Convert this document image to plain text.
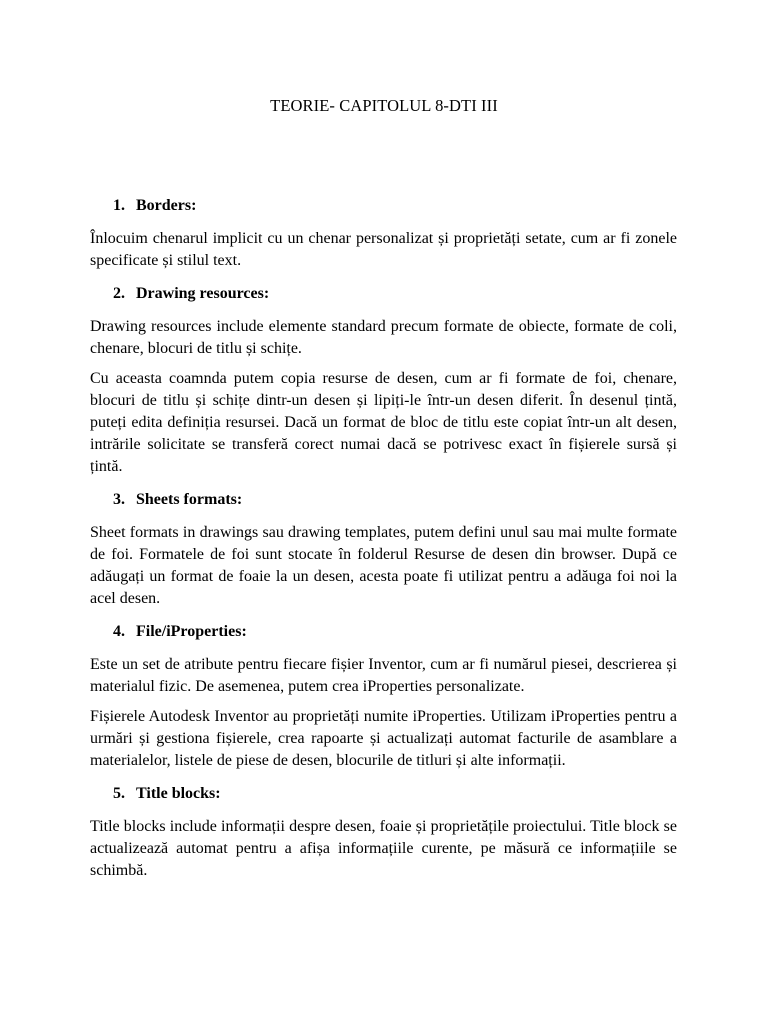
TEORIE- CAPITOLUL 8-DTI III
1. Borders:

Înlocuim chenarul implicit cu un chenar personalizat și proprietăți setate, cum ar fi zonele specificate și stilul text.

2. Drawing resources:

Drawing resources include elemente standard precum formate de obiecte, formate de coli, chenare, blocuri de titlu și schițe.

Cu aceasta coamnda putem copia resurse de desen, cum ar fi formate de foi, chenare, blocuri de titlu și schițe dintr-un desen și lipiți-le într-un desen diferit. În desenul țintă, puteți edita definiția resursei. Dacă un format de bloc de titlu este copiat într-un alt desen, intrările solicitate se transferă corect numai dacă se potrivesc exact în fișierele sursă și țintă.

3. Sheets formats:

Sheet formats in drawings sau drawing templates, putem defini unul sau mai multe formate de foi. Formatele de foi sunt stocate în folderul Resurse de desen din browser. După ce adăugați un format de foaie la un desen, acesta poate fi utilizat pentru a adăuga foi noi la acel desen.

4. File/iProperties:

Este un set de atribute pentru fiecare fișier Inventor, cum ar fi numărul piesei, descrierea și materialul fizic. De asemenea, putem crea iProperties personalizate.

Fișierele Autodesk Inventor au proprietăți numite iProperties. Utilizam iProperties pentru a urmări și gestiona fișierele, crea rapoarte și actualizați automat facturile de asamblare a materialelor, listele de piese de desen, blocurile de titluri și alte informații.

5. Title blocks:

Title blocks include informații despre desen, foaie și proprietățile proiectului. Title block se actualizează automat pentru a afișa informațiile curente, pe măsură ce informațiile se schimbă.
